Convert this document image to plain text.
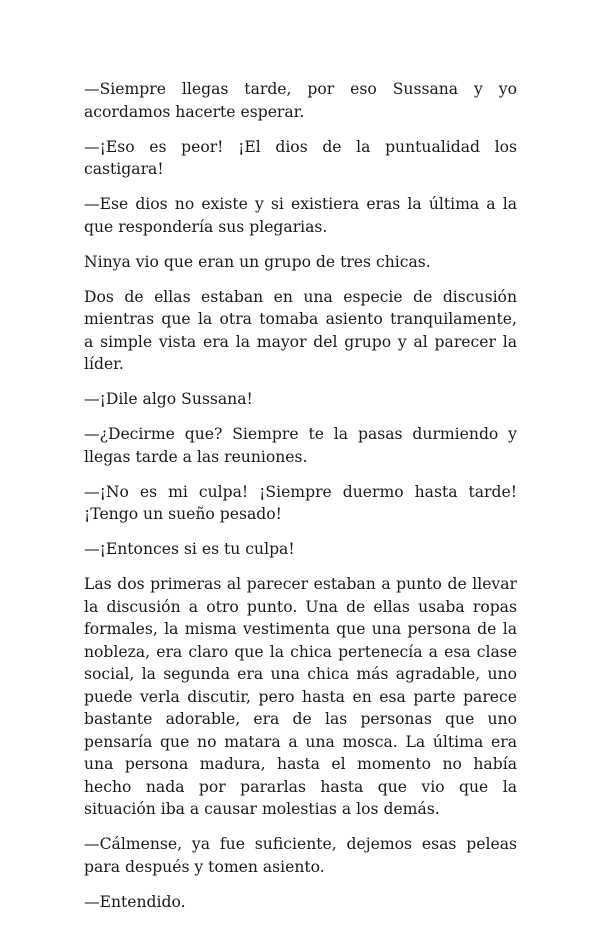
—Siempre llegas tarde, por eso Sussana y yo acordamos hacerte esperar.

—¡Eso es peor! ¡El dios de la puntualidad los castigara!

—Ese dios no existe y si existiera eras la última a la que respondería sus plegarias.

Ninya vio que eran un grupo de tres chicas.

Dos de ellas estaban en una especie de discusión mientras que la otra tomaba asiento tranquilamente, a simple vista era la mayor del grupo y al parecer la líder.

—¡Dile algo Sussana!

—¿Decirme que? Siempre te la pasas durmiendo y llegas tarde a las reuniones.

—¡No es mi culpa! ¡Siempre duermo hasta tarde! ¡Tengo un sueño pesado!

—¡Entonces si es tu culpa!

Las dos primeras al parecer estaban a punto de llevar la discusión a otro punto. Una de ellas usaba ropas formales, la misma vestimenta que una persona de la nobleza, era claro que la chica pertenecía a esa clase social, la segunda era una chica más agradable, uno puede verla discutir, pero hasta en esa parte parece bastante adorable, era de las personas que uno pensaría que no matara a una mosca. La última era una persona madura, hasta el momento no había hecho nada por pararlas hasta que vio que la situación iba a causar molestias a los demás.

—Cálmense, ya fue suficiente, dejemos esas peleas para después y tomen asiento.

—Entendido.
